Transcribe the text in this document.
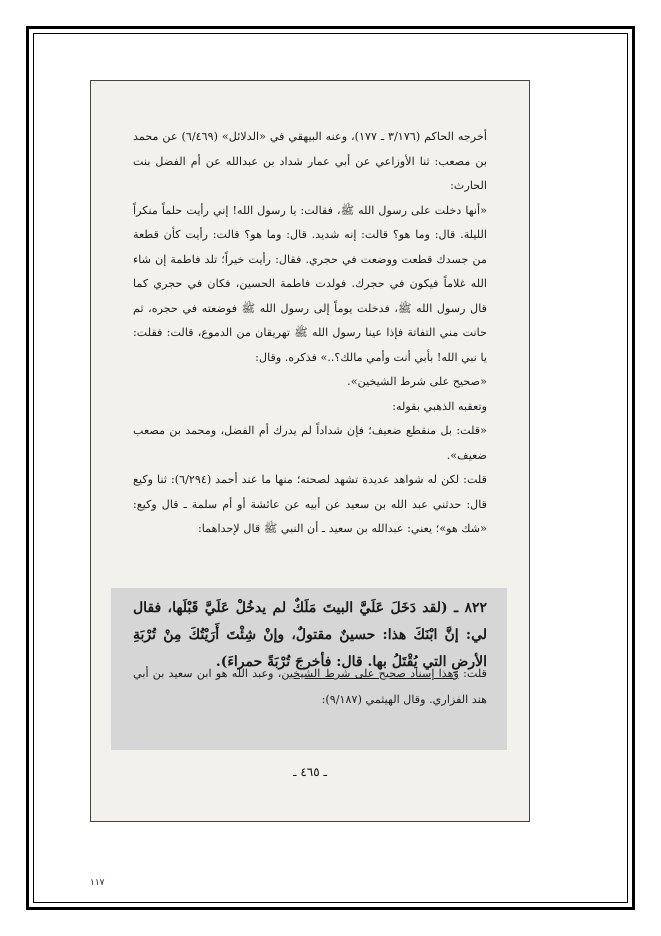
أخرجه الحاكم (٣/١٧٦ ـ ١٧٧)، وعنه البيهقي في «الدلائل» (٦/٤٦٩) عن محمد بن مصعب: ثنا الأوزاعي عن أبي عمار شداد بن عبدالله عن أم الفضل بنت الحارث:

«أنها دخلت على رسول الله ﷺ، فقالت: يا رسول الله! إني رأيت حلماً منكراً الليلة. قال: وما هو؟ قالت: إنه شديد. قال: وما هو؟ قالت: رأيت كأن قطعة من جسدك قطعت ووضعت في حجري. فقال: رأيت خيراً؛ تلد فاطمة إن شاء الله غلاماً فيكون في حجرك. فولدت فاطمة الحسين، فكان في حجري كما قال رسول الله ﷺ، فدخلت يوماً إلى رسول الله ﷺ فوضعته في حجره، ثم حانت مني التفاتة فإذا عينا رسول الله ﷺ تهريقان من الدموع، قالت: فقلت: يا نبي الله! بأبي أنت وأمي مالك؟..» فذكره. وقال:

«صحيح على شرط الشيخين».

وتعقبه الذهبي بقوله:

«قلت: بل منقطع ضعيف؛ فإن شداداً لم يدرك أم الفضل، ومحمد بن مصعب ضعيف».

قلت: لكن له شواهد عديدة تشهد لصحته؛ منها ما عند أحمد (٦/٢٩٤): ثنا وكيع قال: حدثني عبد الله بن سعيد عن أبيه عن عائشة أو أم سلمة ـ قال وكيع: «شك هو»؛ يعني: عبدالله بن سعيد ـ أن النبي ﷺ قال لإحداهما:

٨٢٢ ـ (لقد دَخَلَ عَلَيَّ البيتَ مَلَكٌ لم يدخُلْ عَلَيَّ قَبْلَها، فقال لي: إنَّ ابْنَكَ هذا: حسينٌ مقتولٌ، وإنْ شِئْتَ أَرَيْتُكَ مِنْ تُرْبَةِ الأرضِ التي يُقْتَلُ بها. قال: فأخرجَ تُرْبَةً حمراءَ).
قلت: وهذا إسناد صحيح على شرط الشيخين، وعبد الله هو ابن سعيد بن أبي هند الفزاري. وقال الهيثمي (٩/١٨٧):
ـ ٤٦٥ ـ
١١٧
